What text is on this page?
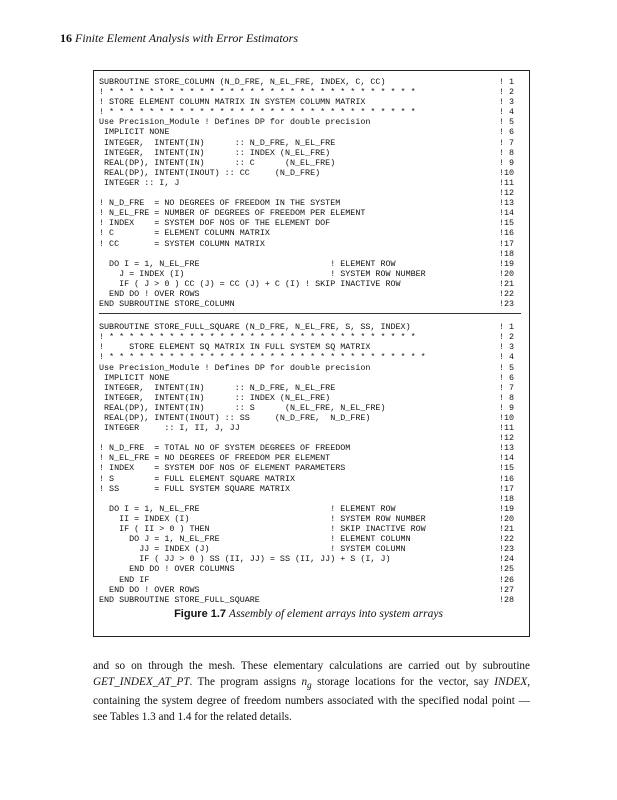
16 Finite Element Analysis with Error Estimators
SUBROUTINE STORE_COLUMN (N_D_FRE, N_EL_FRE, INDEX, C, CC)	! 1
! * * * * * * * * * * * * * * * * * * * * * * * * * * * * * * *	! 2
! STORE ELEMENT COLUMN MATRIX IN SYSTEM COLUMN MATRIX	! 3
! * * * * * * * * * * * * * * * * * * * * * * * * * * * * * * *	! 4
Use Precision_Module ! Defines DP for double precision	! 5
IMPLICIT NONE	! 6
INTEGER,  INTENT(IN)      :: N_D_FRE, N_EL_FRE	! 7
INTEGER,  INTENT(IN)      :: INDEX (N_EL_FRE)	! 8
REAL(DP), INTENT(IN)      :: C      (N_EL_FRE)	! 9
REAL(DP), INTENT(INOUT) :: CC     (N_D_FRE)	!10
INTEGER :: I, J	!11
!12
! N_D_FRE  = NO DEGREES OF FREEDOM IN THE SYSTEM	!13
! N_EL_FRE = NUMBER OF DEGREES OF FREEDOM PER ELEMENT	!14
! INDEX    = SYSTEM DOF NOS OF THE ELEMENT DOF	!15
! C        = ELEMENT COLUMN MATRIX	!16
! CC       = SYSTEM COLUMN MATRIX	!17
!18
DO I = 1, N_EL_FRE                          ! ELEMENT ROW	!19
J = INDEX (I)                             ! SYSTEM ROW NUMBER	!20
IF ( J > 0 ) CC (J) = CC (J) + C (I) ! SKIP INACTIVE ROW	!21
END DO ! OVER ROWS	!22
END SUBROUTINE STORE_COLUMN	!23
SUBROUTINE STORE_FULL_SQUARE (N_D_FRE, N_EL_FRE, S, SS, INDEX)	! 1
! * * * * * * * * * * * * * * * * * * * * * * * * * * * * * * *	! 2
!     STORE ELEMENT SQ MATRIX IN FULL SYSTEM SQ MATRIX	! 3
! * * * * * * * * * * * * * * * * * * * * * * * * * * * * * * * *	! 4
Use Precision_Module ! Defines DP for double precision	! 5
IMPLICIT NONE	! 6
INTEGER,  INTENT(IN)      :: N_D_FRE, N_EL_FRE	! 7
INTEGER,  INTENT(IN)      :: INDEX (N_EL_FRE)	! 8
REAL(DP), INTENT(IN)      :: S      (N_EL_FRE, N_EL_FRE)	! 9
REAL(DP), INTENT(INOUT) :: SS     (N_D_FRE,  N_D_FRE)	!10
INTEGER     :: I, II, J, JJ	!11
!12
! N_D_FRE  = TOTAL NO OF SYSTEM DEGREES OF FREEDOM	!13
! N_EL_FRE = NO DEGREES OF FREEDOM PER ELEMENT	!14
! INDEX    = SYSTEM DOF NOS OF ELEMENT PARAMETERS	!15
! S        = FULL ELEMENT SQUARE MATRIX	!16
! SS       = FULL SYSTEM SQUARE MATRIX	!17
!18
DO I = 1, N_EL_FRE                          ! ELEMENT ROW	!19
II = INDEX (I)                            ! SYSTEM ROW NUMBER	!20
IF ( II > 0 ) THEN                        ! SKIP INACTIVE ROW	!21
DO J = 1, N_EL_FRE                      ! ELEMENT COLUMN	!22
JJ = INDEX (J)                        ! SYSTEM COLUMN	!23
IF ( JJ > 0 ) SS (II, JJ) = SS (II, JJ) + S (I, J)	!24
END DO ! OVER COLUMNS	!25
END IF	!26
END DO ! OVER ROWS	!27
END SUBROUTINE STORE_FULL_SQUARE	!28
Figure 1.7 Assembly of element arrays into system arrays
and so on through the mesh. These elementary calculations are carried out by subroutine GET_INDEX_AT_PT. The program assigns $n_g$ storage locations for the vector, say INDEX, containing the system degree of freedom numbers associated with the specified nodal point — see Tables 1.3 and 1.4 for the related details.
